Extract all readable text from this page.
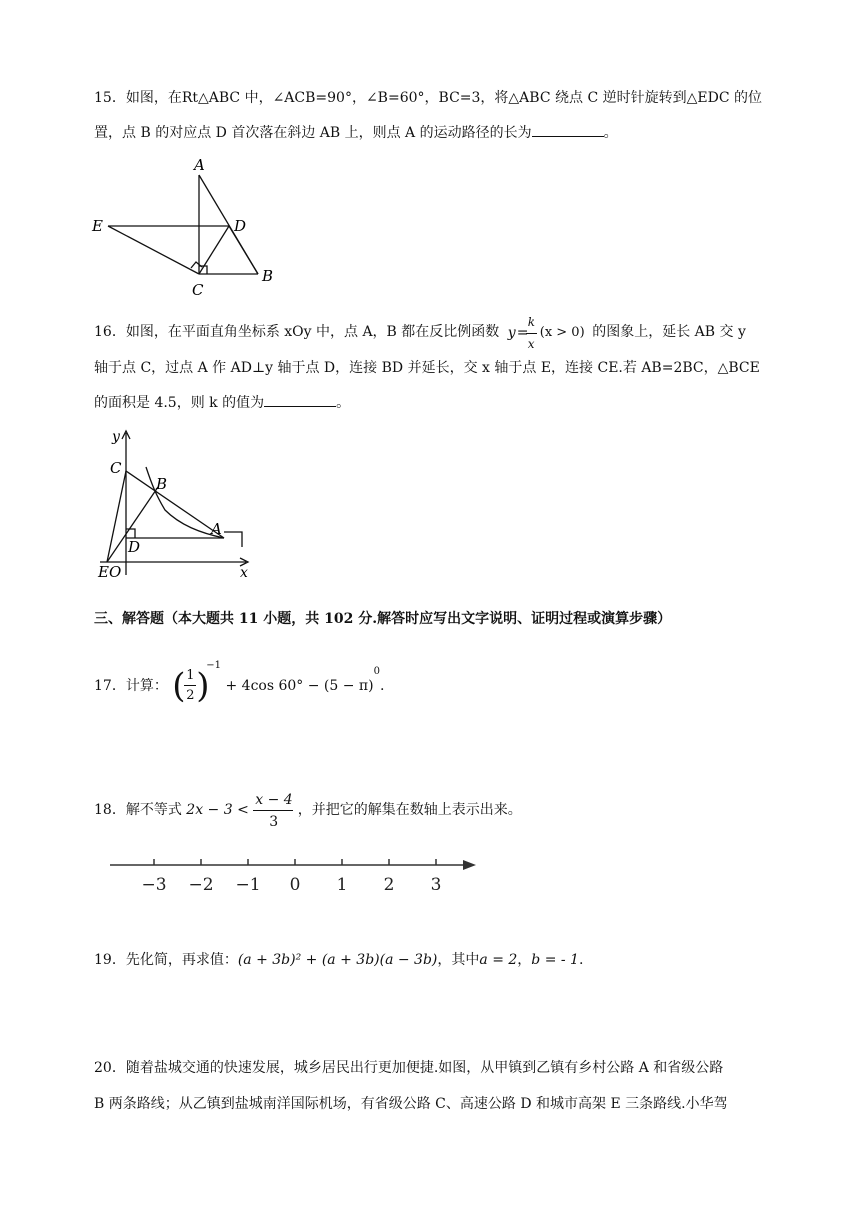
15．如图，在Rt△ABC 中，∠ACB=90°，∠B=60°，BC=3，将△ABC 绕点 C 逆时针旋转到△EDC 的位
置，点 B 的对应点 D 首次落在斜边 AB 上，则点 A 的运动路径的长为	。
A
D
E
C
B
16．如图，在平面直角坐标系 xOy 中，点 A，B 都在反比例函数 y =
k
x
(x > 0) 的图象上，延长 AB 交 y
轴于点 C，过点 A 作 AD⊥y 轴于点 D，连接 BD 并延长，交 x 轴于点 E，连接 CE.若 AB=2BC，△BCE
的面积是 4.5，则 k 的值为	。
y
x
C
B
A
D
EO
三、解答题（本大题共 11 小题，共 102 分.解答时应写出文字说明、证明过程或演算步骤）
17．计算： ( 1
2 )
$^{-1}$ + 4cos $60^\circ - (5 - \pi)^0$.
18．解不等式 $2x - 3 < \frac{x - 4}{3}$ ，并把它的解集在数轴上表示出来。
−3 −2 −1 0 1 2 3
19．先化简，再求值：(a + 3b)² + (a + 3b)(a − 3b)，其中a = 2，b = - 1.
20．随着盐城交通的快速发展，城乡居民出行更加便捷.如图，从甲镇到乙镇有乡村公路 A 和省级公路
B 两条路线；从乙镇到盐城南洋国际机场，有省级公路 C、高速公路 D 和城市高架 E 三条路线.小华驾
